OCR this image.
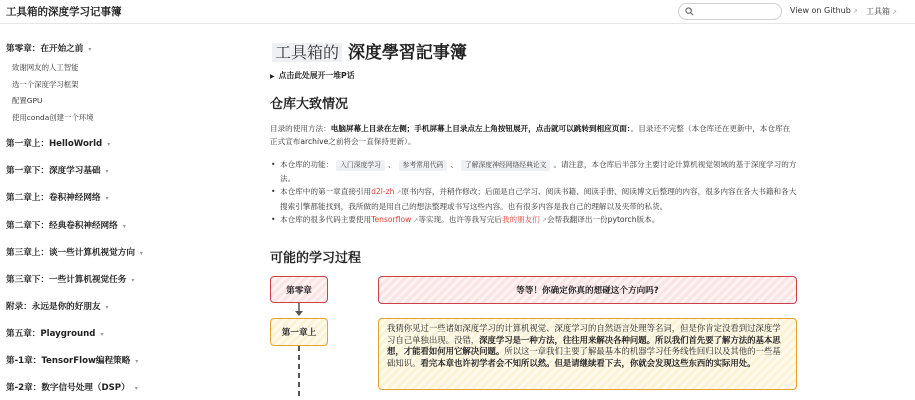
工具箱的深度学习记事簿	View on Github ↗ 工具箱 ↗
第零章：在开始之前 ▾
致谢网友的人工智能
选一个深度学习框架
配置GPU
使用conda创建一个环境
第一章上：HelloWorld ▾
第一章下：深度学习基础 ▾
第二章上：卷积神经网络 ▾
第二章下：经典卷积神经网络 ▾
第三章上：谈一些计算机视觉方向 ▾
第三章下：一些计算机视觉任务 ▾
附录：永远是你的好朋友 ▾
第五章：Playground ▾
第-1章：TensorFlow编程策略 ▾
第-2章：数字信号处理（DSP） ▾
工具箱的 深度學習記事簿
▶ 点击此处展开一堆P话
仓库大致情况
目录的使用方法：电脑屏幕上目录在左侧；手机屏幕上目录点左上角按钮展开，点击就可以跳转到相应页面：。目录还不完整（本仓库还在更新中，本仓库在正式宣布archive之前将会一直保持更新）。
• 本仓库的功能： 入门深度学习 、 参考常用代码 、 了解深度神经网络经典论文 。请注意，本仓库后半部分主要讨论计算机视觉领域的基于深度学习的方法。
• 本仓库中的第一章直接引用d2l-zh ↗原书内容，并稍作修改；后面是自己学习、阅读书籍、阅读手册、阅读博文后整理的内容，很多内容在各大书籍和各大搜索引擎都能找到，我所做的是用自己的想法整理或书写这些内容。也有很多内容是我自己的理解以及夹带的私货。
• 本仓库的很多代码主要使用Tensorflow ↗等实现。也许等我写完后我的朋友们 ↗会帮我翻译出一份pytorch版本。
可能的学习过程
第零章	等等！你确定你真的想碰这个方向吗?
第一章上	我猜你见过一些诸如深度学习的计算机视觉、深度学习的自然语言处理等名词，但是你肯定没看到过深度学习自己单独出现。没错，深度学习是一种方法，往往用来解决各种问题。所以我们首先要了解方法的基本思想，才能看如何用它解决问题。所以这一章我们主要了解最基本的机器学习任务线性回归以及其他的一些基础知识。看完本章也许初学者会不知所以然。但是请继续看下去，你就会发现这些东西的实际用处。
